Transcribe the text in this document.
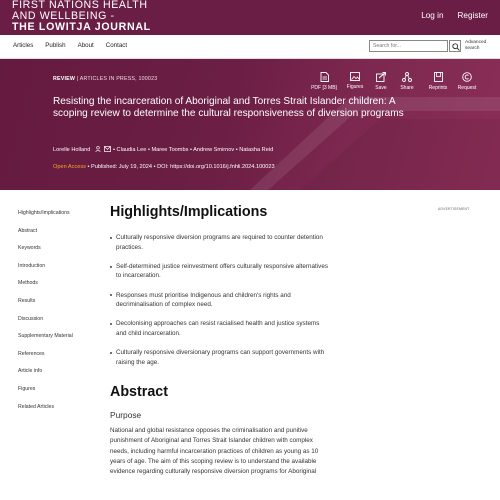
FIRST NATIONS HEALTH
AND WELLBEING -
THE LOWITJA JOURNAL
Log in Register
Articles Publish About Contact	Search for...
Advanced
search
REVIEW | ARTICLES IN PRESS, 100023
Resisting the incarceration of Aboriginal and Torres Strait Islander children: A scoping review to determine the cultural responsiveness of diversion programs
Lorelle Holland	• Claudia Lee • Maree Toombs • Andrew Smirnov • Natasha Reid
Open Access • Published: July 19, 2024 • DOI: https://doi.org/10.1016/j.fnhli.2024.100023
PDF [3 MB]	Figures	Save	Share	Reprints	Request
Highlights/Implications
Abstract
Keywords
Introduction
Methods
Results
Discussion
Supplementary Material
References
Article info
Figures
Related Articles
Highlights/Implications
Culturally responsive diversion programs are required to counter detention practices.
Self-determined justice reinvestment offers culturally responsive alternatives to incarceration.
Responses must prioritise Indigenous and children's rights and decriminalisation of complex need.
Decolonising approaches can resist racialised health and justice systems and child incarceration.
Culturally responsive diversionary programs can support governments with raising the age.
Abstract
Purpose
National and global resistance opposes the criminalisation and punitive punishment of Aboriginal and Torres Strait Islander children with complex needs, including harmful incarceration practices of children as young as 10 years of age. The aim of this scoping review is to understand the available evidence regarding culturally responsive diversion programs for Aboriginal
ADVERTISEMENT
